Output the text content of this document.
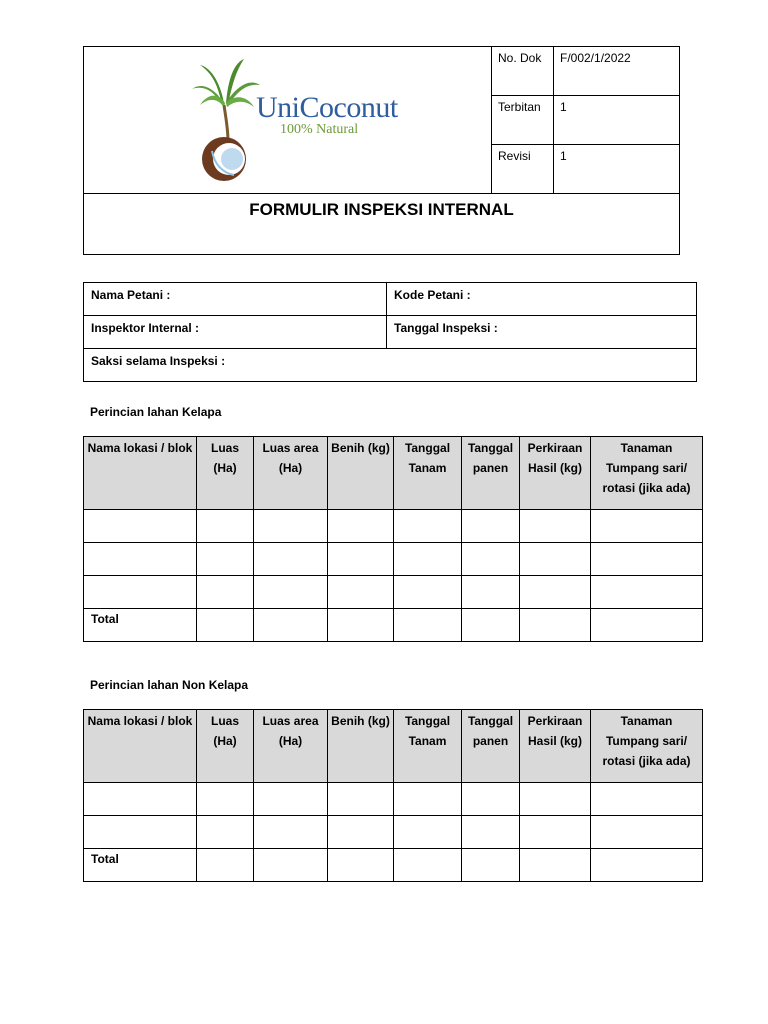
UniCoconut
100% Natural	No. Dok	F/002/1/2022
	Terbitan	1
	Revisi	1
FORMULIR INSPEKSI INTERNAL		
Nama Petani :	Kode Petani :
Inspektor Internal :	Tanggal Inspeksi :
Saksi selama Inspeksi :	
Perincian lahan Kelapa
Nama lokasi / blok	Luas (Ha)	Luas area (Ha)	Benih (kg)	Tanggal Tanam	Tanggal panen	Perkiraan Hasil (kg)	Tanaman Tumpang sari/ rotasi (jika ada)

Total							
Perincian lahan Non Kelapa
Nama lokasi / blok	Luas (Ha)	Luas area (Ha)	Benih (kg)	Tanggal Tanam	Tanggal panen	Perkiraan Hasil (kg)	Tanaman Tumpang sari/ rotasi (jika ada)

Total							
